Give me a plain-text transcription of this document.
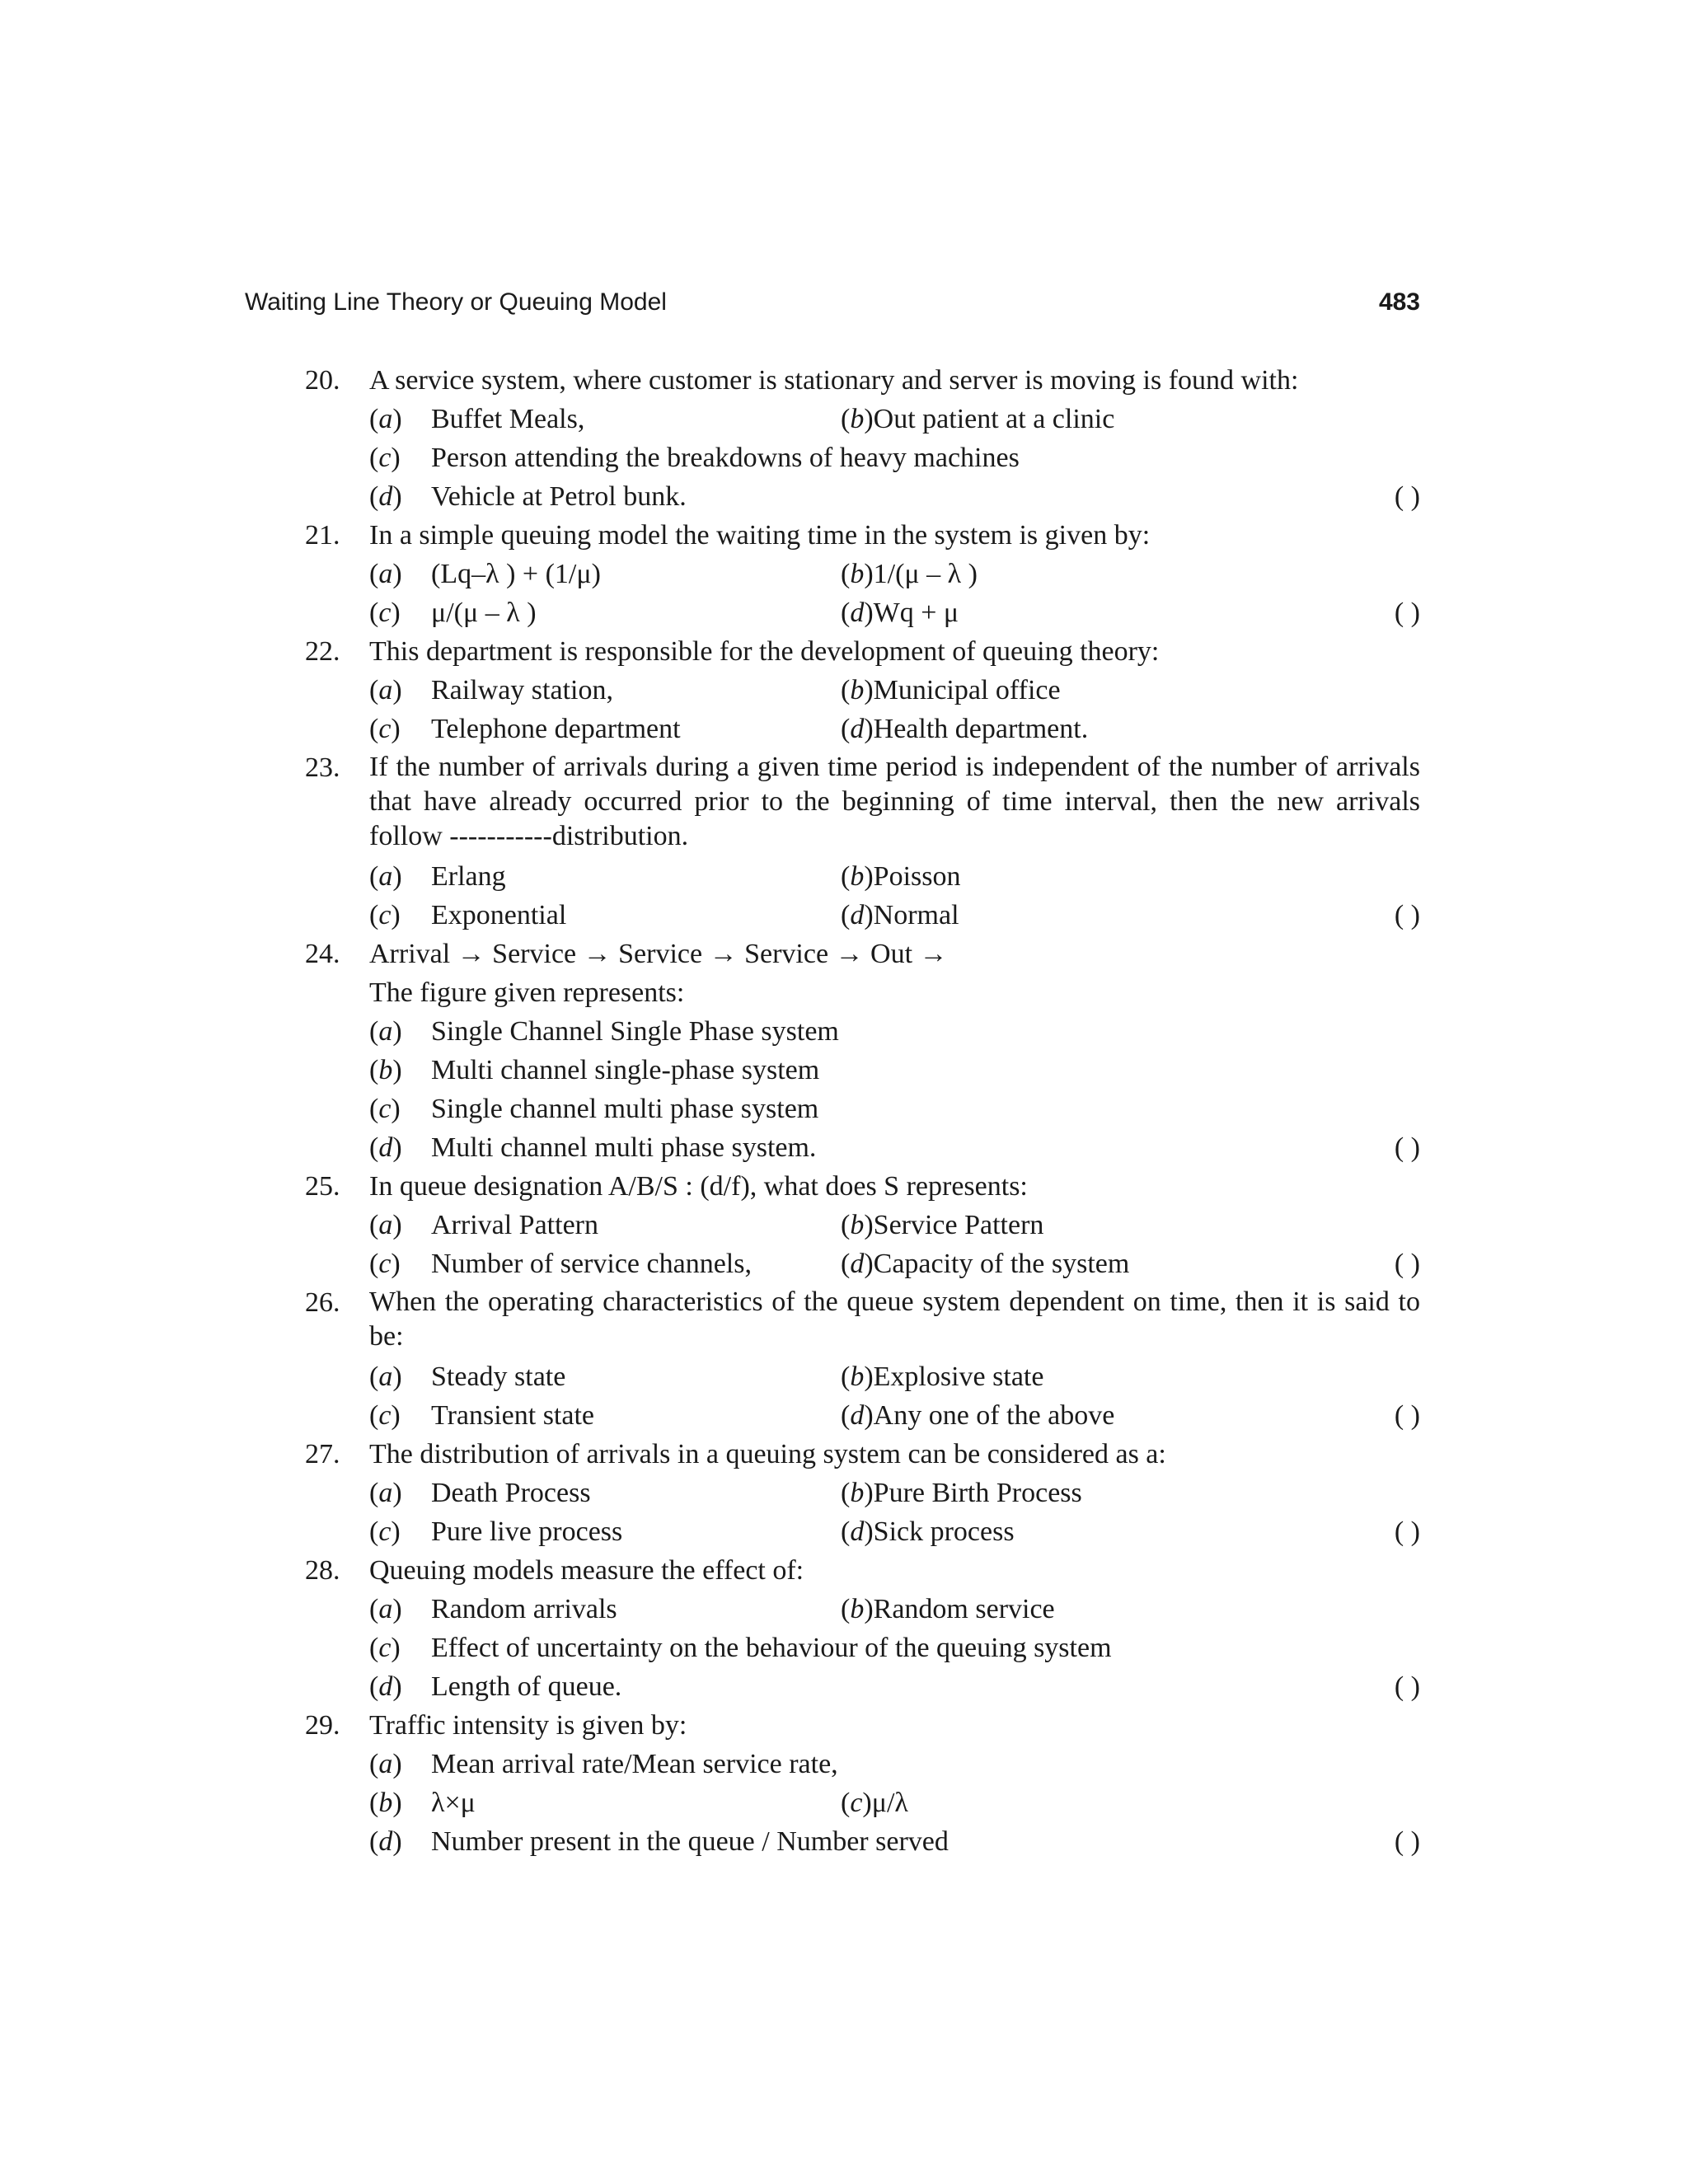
Waiting Line Theory or Queuing Model	483
20.	A service system, where customer is stationary and server is moving is found with:
(a) Buffet Meals,	(b)Out patient at a clinic
(c) Person attending the breakdowns of heavy machines
(d) Vehicle at Petrol bunk.	( )
21.	In a simple queuing model the waiting time in the system is given by:
(a) (Lq–λ ) + (1/μ)	(b)1/(μ – λ )
(c) μ/(μ – λ )	(d)Wq + μ	( )
22.	This department is responsible for the development of queuing theory:
(a) Railway station,	(b)Municipal office
(c) Telephone department	(d)Health department.
23.	If the number of arrivals during a given time period is independent of the number of arrivals that have already occurred prior to the beginning of time interval, then the new arrivals follow -----------distribution.
(a) Erlang	(b)Poisson
(c) Exponential	(d)Normal	( )
24.	Arrival → Service → Service → Service → Out →
The figure given represents:
(a) Single Channel Single Phase system
(b) Multi channel single-phase system
(c) Single channel multi phase system
(d) Multi channel multi phase system.	( )
25.	In queue designation A/B/S : (d/f), what does S represents:
(a) Arrival Pattern	(b)Service Pattern
(c) Number of service channels,	(d)Capacity of the system	( )
26.	When the operating characteristics of the queue system dependent on time, then it is said to be:
(a) Steady state	(b)Explosive state
(c) Transient state	(d)Any one of the above	( )
27.	The distribution of arrivals in a queuing system can be considered as a:
(a) Death Process	(b)Pure Birth Process
(c) Pure live process	(d)Sick process	( )
28.	Queuing models measure the effect of:
(a) Random arrivals	(b)Random service
(c) Effect of uncertainty on the behaviour of the queuing system
(d) Length of queue.	( )
29.	Traffic intensity is given by:
(a) Mean arrival rate/Mean service rate,
(b) λ×μ	(c)μ/λ
(d) Number present in the queue / Number served	( )
